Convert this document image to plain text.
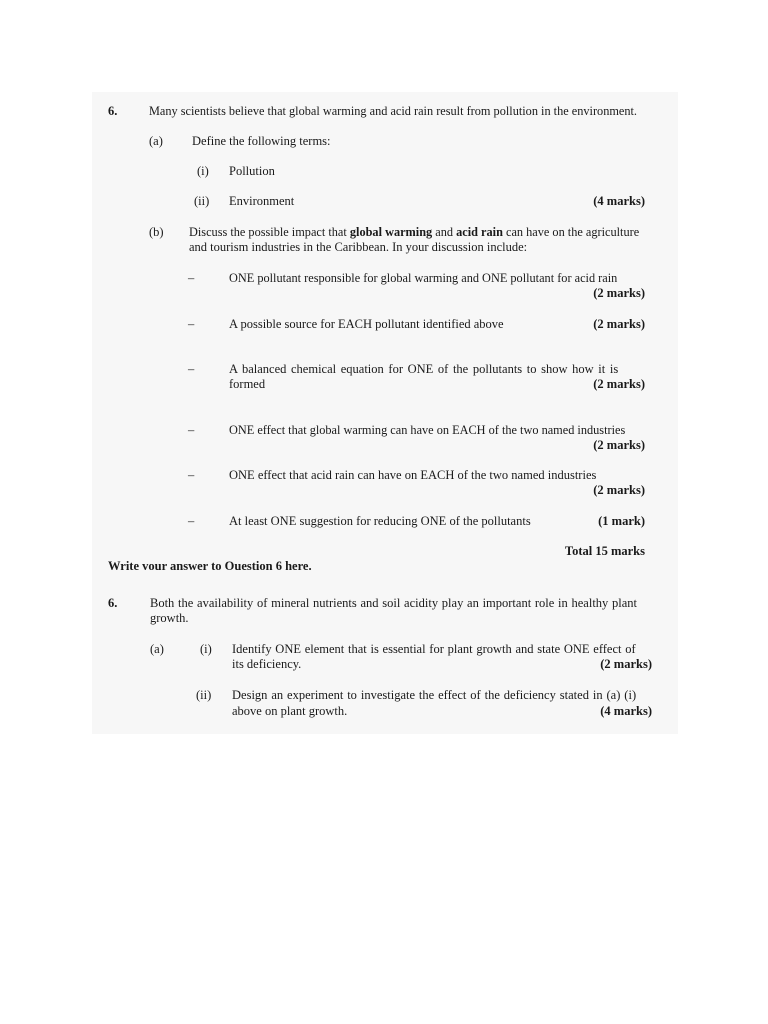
6.	Many scientists believe that global warming and acid rain result from pollution in the environment.
(a) Define the following terms:
(i) Pollution
(ii) Environment	(4 marks)
(b) Discuss the possible impact that global warming and acid rain can have on the agriculture
and tourism industries in the Caribbean. In your discussion include:
–	ONE pollutant responsible for global warming and ONE pollutant for acid rain
(2 marks)
–	A possible source for EACH pollutant identified above	(2 marks)
–	A balanced chemical equation for ONE of the pollutants to show how it is
formed	(2 marks)
–	ONE effect that global warming can have on EACH of the two named industries
(2 marks)
–	ONE effect that acid rain can have on EACH of the two named industries
(2 marks)
–	At least ONE suggestion for reducing ONE of the pollutants	(1 mark)
Total 15 marks
Write vour answer to Ouestion 6 here.
6.	Both the availability of mineral nutrients and soil acidity play an important role in healthy plant
growth.
(a)	(i) Identify ONE element that is essential for plant growth and state ONE effect of
its deficiency.	(2 marks)
(ii) Design an experiment to investigate the effect of the deficiency stated in (a) (i)
above on plant growth.	(4 marks)
